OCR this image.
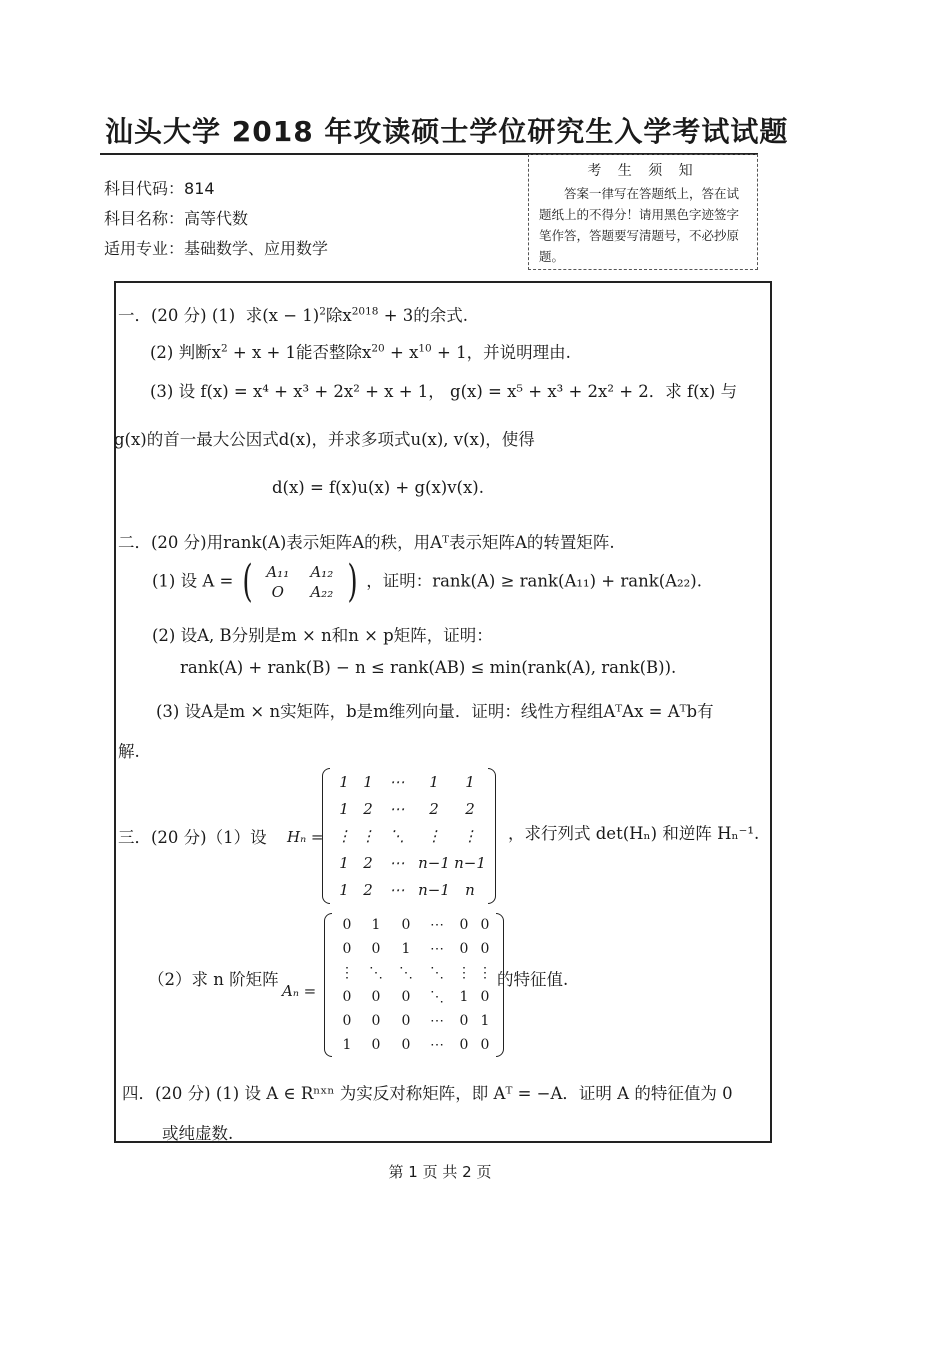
汕头大学 2018 年攻读硕士学位研究生入学考试试题
科目代码：814
科目名称：高等代数
适用专业：基础数学、应用数学
考 生 须 知
答案一律写在答题纸上，答在试题纸上的不得分！请用黑色字迹签字笔作答，答题要写清题号，不必抄原题。
一．(20 分) (1) 求$(x - 1)^2$除$x^{2018} + 3$的余式.
(2) 判断$x^2 + x + 1$能否整除$x^{20} + x^{10} + 1$，并说明理由.
(3) 设 f(x) = x⁴ + x³ + 2x² + x + 1， g(x) = x⁵ + x³ + 2x² + 2．求 f(x) 与
g(x)的首一最大公因式d(x)，并求多项式u(x), v(x)，使得
d(x) = f(x)u(x) + g(x)v(x).
二．(20 分)用rank(A)表示矩阵A的秩，用Aᵀ表示矩阵A的转置矩阵.
(1) 设 A = ( A₁₁	A₁₂
O	A₂₂ ) ，证明：rank(A) ≥ rank(A₁₁) + rank(A₂₂).
(2) 设A, B分别是m × n和n × p矩阵，证明：
rank(A) + rank(B) − n ≤ rank(AB) ≤ min(rank(A), rank(B)).
(3) 设A是m × n实矩阵，b是m维列向量．证明：线性方程组AᵀAx = Aᵀb有
解.
三．(20 分)（1）设 Hₙ =
1 1	⋯	1	1
1 2	⋯	2	2
⋮ ⋮ ⋱	⋮	⋮
1 2	⋯ n−1 n−1
1 2	⋯ n−1	n
，求行列式 det(Hₙ) 和逆阵 Hₙ⁻¹.
（2）求 n 阶矩阵
Aₙ =
0	1	0	⋯	0 0
0	0	1	⋯	0 0
⋮	⋱	⋱	⋱ ⋮ ⋮
0	0	0	⋱	1 0
0	0	0	⋯	0 1
1	0	0	⋯	0 0
的特征值.
四．(20 分) (1) 设 A ∈ Rⁿˣⁿ 为实反对称矩阵，即 Aᵀ = −A．证明 A 的特征值为 0
或纯虚数.
第 1 页 共 2 页
